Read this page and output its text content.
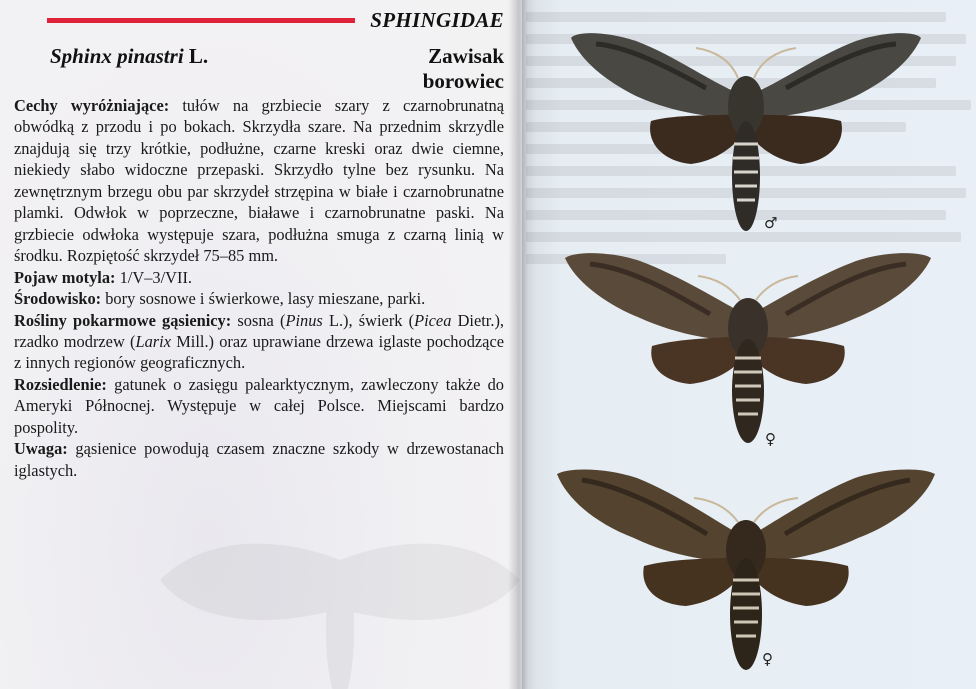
SPHINGIDAE
Sphinx pinastri L.	Zawisak
borowiec

Cechy wyróżniające: tułów na grzbiecie szary z czarnobrunatną obwódką z przodu i po bokach. Skrzydła szare. Na przednim skrzydle znajdują się trzy krótkie, podłużne, czarne kreski oraz dwie ciemne, niekiedy słabo widoczne przepaski. Skrzydło tylne bez rysunku. Na zewnętrznym brzegu obu par skrzydeł strzępina w białe i czarnobrunatne plamki. Odwłok w poprzeczne, białawe i czarnobrunatne paski. Na grzbiecie odwłoka występuje szara, podłużna smuga z czarną linią w środku. Rozpiętość skrzydeł 75–85 mm.

Pojaw motyla: 1/V–3/VII.

Środowisko: bory sosnowe i świerkowe, lasy mieszane, parki.

Rośliny pokarmowe gąsienicy: sosna (Pinus L.), świerk (Picea Dietr.), rzadko modrzew (Larix Mill.) oraz uprawiane drzewa iglaste pochodzące z innych regionów geograficznych.

Rozsiedlenie: gatunek o zasięgu palearktycznym, zawleczony także do Ameryki Północnej. Występuje w całej Polsce. Miejscami bardzo pospolity.

Uwaga: gąsienice powodują czasem znaczne szkody w drzewostanach iglastych.

♂
♀
♀
